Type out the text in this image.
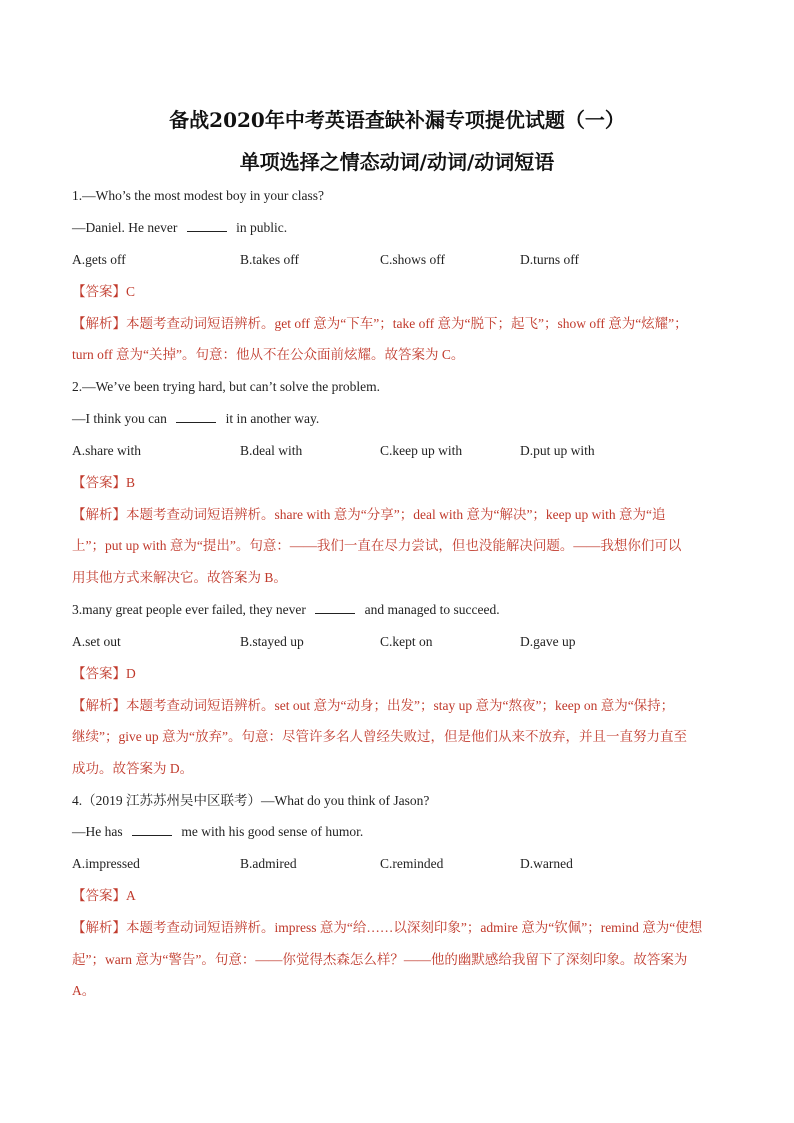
备战2020年中考英语查缺补漏专项提优试题（一）
单项选择之情态动词/动词/动词短语
1.—Who’s the most modest boy in your class?
—Daniel. He never	in public.
A.gets off	B.takes off	C.shows off	D.turns off
【答案】C
【解析】本题考查动词短语辨析。get off 意为“下车”；take off 意为“脱下；起飞”；show off 意为“炫耀”；
turn off 意为“关掉”。句意：他从不在公众面前炫耀。故答案为 C。
2.—We’ve been trying hard, but can’t solve the problem.
—I think you can	it in another way.
A.share with	B.deal with	C.keep up with	D.put up with
【答案】B
【解析】本题考查动词短语辨析。share with 意为“分享”；deal with 意为“解决”；keep up with 意为“追
上”；put up with 意为“提出”。句意：——我们一直在尽力尝试，但也没能解决问题。——我想你们可以
用其他方式来解决它。故答案为 B。
3.many great people ever failed, they never	and managed to succeed.
A.set out	B.stayed up	C.kept on	D.gave up
【答案】D
【解析】本题考查动词短语辨析。set out 意为“动身；出发”；stay up 意为“熬夜”；keep on 意为“保持；
继续”；give up 意为“放弃”。句意：尽管许多名人曾经失败过，但是他们从来不放弃，并且一直努力直至
成功。故答案为 D。
4.（2019 江苏苏州吴中区联考）—What do you think of Jason?
—He has	me with his good sense of humor.
A.impressed	B.admired	C.reminded	D.warned
【答案】A
【解析】本题考查动词短语辨析。impress 意为“给……以深刻印象”；admire 意为“钦佩”；remind 意为“使想
起”；warn 意为“警告”。句意：——你觉得杰森怎么样？——他的幽默感给我留下了深刻印象。故答案为
A。
